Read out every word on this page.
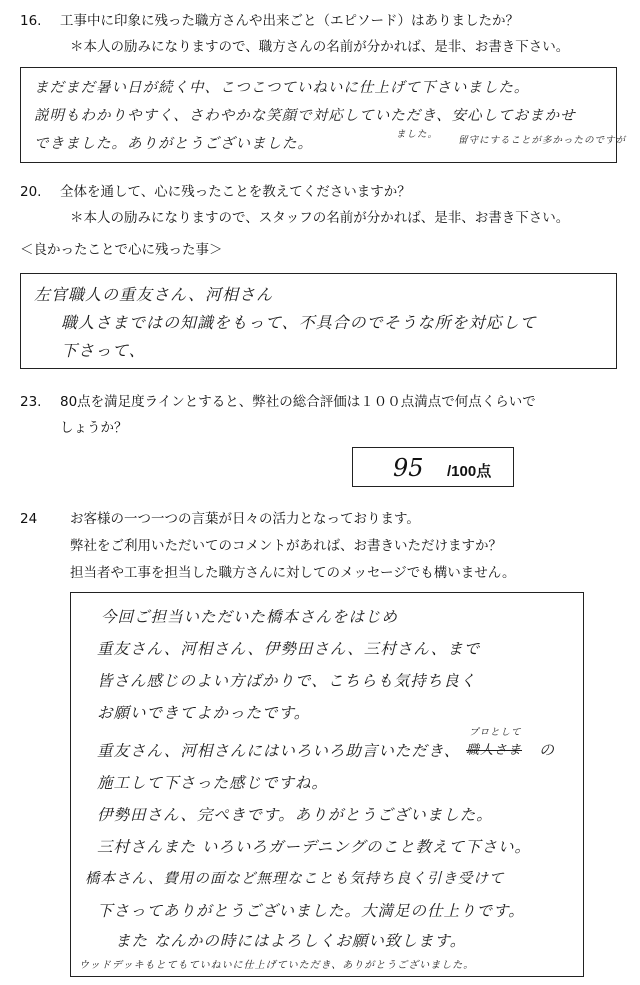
16. 工事中に印象に残った職方さんや出来ごと（エピソード）はありましたか？
＊本人の励みになりますので、職方さんの名前が分かれば、是非、お書き下さい。
まだまだ暑い日が続く中、こつこつていねいに仕上げて下さいました。
説明もわかりやすく、さわやかな笑顔で対応していただき、安心しておまかせ
ました。
留守にすることが多かったのですが
できました。ありがとうございました。
20. 全体を通して、心に残ったことを教えてくださいますか？
＊本人の励みになりますので、スタッフの名前が分かれば、是非、お書き下さい。
＜良かったことで心に残った事＞
左官職人の重友さん、河相さん
職人さまではの知識をもって、不具合のでそうな所を対応して
下さって、
23. 80点を満足度ラインとすると、弊社の総合評価は１００点満点で何点くらいで
しょうか？
95 /100点
24 お客様の一つ一つの言葉が日々の活力となっております。
弊社をご利用いただいてのコメントがあれば、お書きいただけますか？
担当者や工事を担当した職方さんに対してのメッセージでも構いません。
今回ご担当いただいた橋本さんをはじめ
重友さん、河相さん、伊勢田さん、三村さん、まで
皆さん感じのよい方ばかりで、こちらも気持ち良く
お願いできてよかったです。
プロとして
重友さん、河相さんにはいろいろ助言いただき、 職人さま の
施工して下さった感じですね。
伊勢田さん、完ぺきです。ありがとうございました。
三村さんまた いろいろガーデニングのこと教えて下さい。
橋本さん、費用の面など無理なことも気持ち良く引き受けて
下さってありがとうございました。大満足の仕上りです。
また なんかの時にはよろしくお願い致します。
ウッドデッキもとてもていねいに仕上げていただき、ありがとうございました。
